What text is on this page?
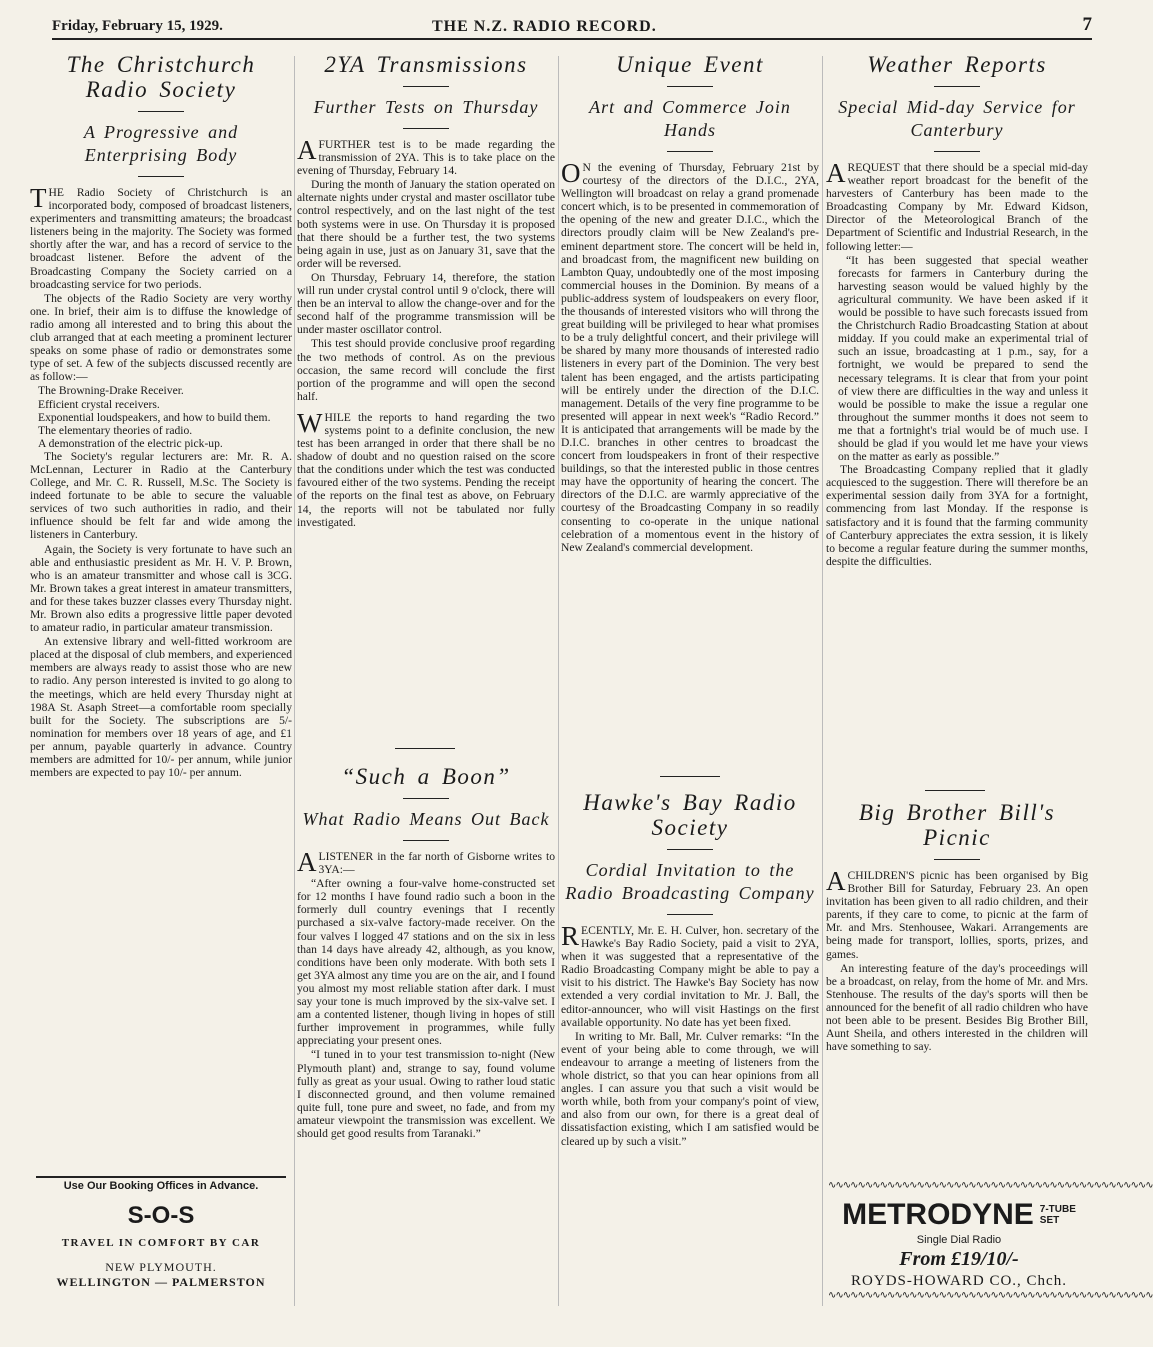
Friday, February 15, 1929.	THE N.Z. RADIO RECORD.	7
The Christchurch Radio Society
A Progressive and Enterprising Body

THE Radio Society of Christchurch is an incorporated body, composed of broadcast listeners, experimenters and transmitting amateurs; the broadcast listeners being in the majority. The Society was formed shortly after the war, and has a record of service to the broadcast listener. Before the advent of the Broadcasting Company the Society carried on a broadcasting service for two periods.

The objects of the Radio Society are very worthy one. In brief, their aim is to diffuse the knowledge of radio among all interested and to bring this about the club arranged that at each meeting a prominent lecturer speaks on some phase of radio or demonstrates some type of set. A few of the subjects discussed recently are as follow:—

The Browning-Drake Receiver.
Efficient crystal receivers.
Exponential loudspeakers, and how to build them.
The elementary theories of radio.
A demonstration of the electric pick-up.

The Society's regular lecturers are: Mr. R. A. McLennan, Lecturer in Radio at the Canterbury College, and Mr. C. R. Russell, M.Sc. The Society is indeed fortunate to be able to secure the valuable services of two such authorities in radio, and their influence should be felt far and wide among the listeners in Canterbury.

Again, the Society is very fortunate to have such an able and enthusiastic president as Mr. H. V. P. Brown, who is an amateur transmitter and whose call is 3CG. Mr. Brown takes a great interest in amateur transmitters, and for these takes buzzer classes every Thursday night. Mr. Brown also edits a progressive little paper devoted to amateur radio, in particular amateur transmission.

An extensive library and well-fitted workroom are placed at the disposal of club members, and experienced members are always ready to assist those who are new to radio. Any person interested is invited to go along to the meetings, which are held every Thursday night at 198A St. Asaph Street—a comfortable room specially built for the Society. The subscriptions are 5/- nomination for members over 18 years of age, and £1 per annum, payable quarterly in advance. Country members are admitted for 10/- per annum, while junior members are expected to pay 10/- per annum.

Use Our Booking Offices in Advance.
S-O-S
TRAVEL IN COMFORT BY CAR
NEW PLYMOUTH.
WELLINGTON — PALMERSTON
2YA Transmissions
Further Tests on Thursday

AFURTHER test is to be made regarding the transmission of 2YA. This is to take place on the evening of Thursday, February 14.

During the month of January the station operated on alternate nights under crystal and master oscillator tube control respectively, and on the last night of the test both systems were in use. On Thursday it is proposed that there should be a further test, the two systems being again in use, just as on January 31, save that the order will be reversed.

On Thursday, February 14, therefore, the station will run under crystal control until 9 o'clock, there will then be an interval to allow the change-over and for the second half of the programme transmission will be under master oscillator control.

This test should provide conclusive proof regarding the two methods of control. As on the previous occasion, the same record will conclude the first portion of the programme and will open the second half.

WHILE the reports to hand regarding the two systems point to a definite conclusion, the new test has been arranged in order that there shall be no shadow of doubt and no question raised on the score that the conditions under which the test was conducted favoured either of the two systems. Pending the receipt of the reports on the final test as above, on February 14, the reports will not be tabulated nor fully investigated.

“Such a Boon”
What Radio Means Out Back

ALISTENER in the far north of Gisborne writes to 3YA:—

“After owning a four-valve home-constructed set for 12 months I have found radio such a boon in the formerly dull country evenings that I recently purchased a six-valve factory-made receiver. On the four valves I logged 47 stations and on the six in less than 14 days have already 42, although, as you know, conditions have been only moderate. With both sets I get 3YA almost any time you are on the air, and I found you almost my most reliable station after dark. I must say your tone is much improved by the six-valve set. I am a contented listener, though living in hopes of still further improvement in programmes, while fully appreciating your present ones.

“I tuned in to your test transmission to-night (New Plymouth plant) and, strange to say, found volume fully as great as your usual. Owing to rather loud static I disconnected ground, and then volume remained quite full, tone pure and sweet, no fade, and from my amateur viewpoint the transmission was excellent. We should get good results from Taranaki.”

Unique Event
Art and Commerce Join Hands

ON the evening of Thursday, February 21st by courtesy of the directors of the D.I.C., 2YA, Wellington will broadcast on relay a grand promenade concert which, is to be presented in commemoration of the opening of the new and greater D.I.C., which the directors proudly claim will be New Zealand's pre-eminent department store. The concert will be held in, and broadcast from, the magnificent new building on Lambton Quay, undoubtedly one of the most imposing commercial houses in the Dominion. By means of a public-address system of loudspeakers on every floor, the thousands of interested visitors who will throng the great building will be privileged to hear what promises to be a truly delightful concert, and their privilege will be shared by many more thousands of interested radio listeners in every part of the Dominion. The very best talent has been engaged, and the artists participating will be entirely under the direction of the D.I.C. management. Details of the very fine programme to be presented will appear in next week's “Radio Record.” It is anticipated that arrangements will be made by the D.I.C. branches in other centres to broadcast the concert from loudspeakers in front of their respective buildings, so that the interested public in those centres may have the opportunity of hearing the concert. The directors of the D.I.C. are warmly appreciative of the courtesy of the Broadcasting Company in so readily consenting to co-operate in the unique national celebration of a momentous event in the history of New Zealand's commercial development.

Hawke's Bay Radio Society
Cordial Invitation to the Radio Broadcasting Company

RECENTLY, Mr. E. H. Culver, hon. secretary of the Hawke's Bay Radio Society, paid a visit to 2YA, when it was suggested that a representative of the Radio Broadcasting Company might be able to pay a visit to his district. The Hawke's Bay Society has now extended a very cordial invitation to Mr. J. Ball, the editor-announcer, who will visit Hastings on the first available opportunity. No date has yet been fixed.

In writing to Mr. Ball, Mr. Culver remarks: “In the event of your being able to come through, we will endeavour to arrange a meeting of listeners from the whole district, so that you can hear opinions from all angles. I can assure you that such a visit would be worth while, both from your company's point of view, and also from our own, for there is a great deal of dissatisfaction existing, which I am satisfied would be cleared up by such a visit.”

Weather Reports
Special Mid-day Service for Canterbury

AREQUEST that there should be a special mid-day weather report broadcast for the benefit of the harvesters of Canterbury has been made to the Broadcasting Company by Mr. Edward Kidson, Director of the Meteorological Branch of the Department of Scientific and Industrial Research, in the following letter:—

“It has been suggested that special weather forecasts for farmers in Canterbury during the harvesting season would be valued highly by the agricultural community. We have been asked if it would be possible to have such forecasts issued from the Christchurch Radio Broadcasting Station at about midday. If you could make an experimental trial of such an issue, broadcasting at 1 p.m., say, for a fortnight, we would be prepared to send the necessary telegrams. It is clear that from your point of view there are difficulties in the way and unless it would be possible to make the issue a regular one throughout the summer months it does not seem to me that a fortnight's trial would be of much use. I should be glad if you would let me have your views on the matter as early as possible.”

The Broadcasting Company replied that it gladly acquiesced to the suggestion. There will therefore be an experimental session daily from 3YA for a fortnight, commencing from last Monday. If the response is satisfactory and it is found that the farming community of Canterbury appreciates the extra session, it is likely to become a regular feature during the summer months, despite the difficulties.

Big Brother Bill's Picnic

ACHILDREN'S picnic has been organised by Big Brother Bill for Saturday, February 23. An open invitation has been given to all radio children, and their parents, if they care to come, to picnic at the farm of Mr. and Mrs. Stenhousee, Wakari. Arrangements are being made for transport, lollies, sports, prizes, and games.

An interesting feature of the day's proceedings will be a broadcast, on relay, from the home of Mr. and Mrs. Stenhouse. The results of the day's sports will then be announced for the benefit of all radio children who have not been able to be present. Besides Big Brother Bill, Aunt Sheila, and others interested in the children will have something to say.

∿∿∿∿∿∿∿∿∿∿∿∿∿∿∿∿∿∿∿∿∿∿∿∿∿∿∿∿∿∿∿∿∿∿∿∿∿∿∿∿∿∿∿∿
METRODYNE 7-TUBE
SET
Single Dial Radio
From £19/10/-
ROYDS-HOWARD CO., Chch.
∿∿∿∿∿∿∿∿∿∿∿∿∿∿∿∿∿∿∿∿∿∿∿∿∿∿∿∿∿∿∿∿∿∿∿∿∿∿∿∿∿∿∿∿
